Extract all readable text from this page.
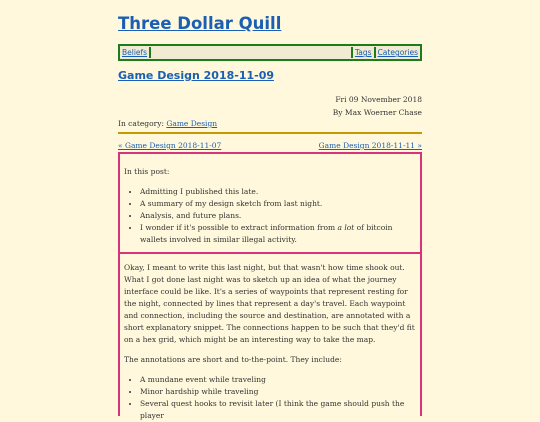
Three Dollar Quill
Beliefs	Tags Categories
Game Design 2018-11-09
Fri 09 November 2018
By Max Woerner Chase
In category: Game Design
« Game Design 2018-11-07	Game Design 2018-11-11 »

In this post:

• Admitting I published this late.
• A summary of my design sketch from last night.
• Analysis, and future plans.
• I wonder if it's possible to extract information from a lot of bitcoin wallets involved in similar illegal activity.

Okay, I meant to write this last night, but that wasn't how time shook out. What I got done last night was to sketch up an idea of what the journey interface could be like. It's a series of waypoints that represent resting for the night, connected by lines that represent a day's travel. Each waypoint and connection, including the source and destination, are annotated with a short explanatory snippet. The connections happen to be such that they'd fit on a hex grid, which might be an interesting way to take the map.

The annotations are short and to-the-point. They include:

• A mundane event while traveling
• Minor hardship while traveling
• Several quest hooks to revisit later (I think the game should push the player
